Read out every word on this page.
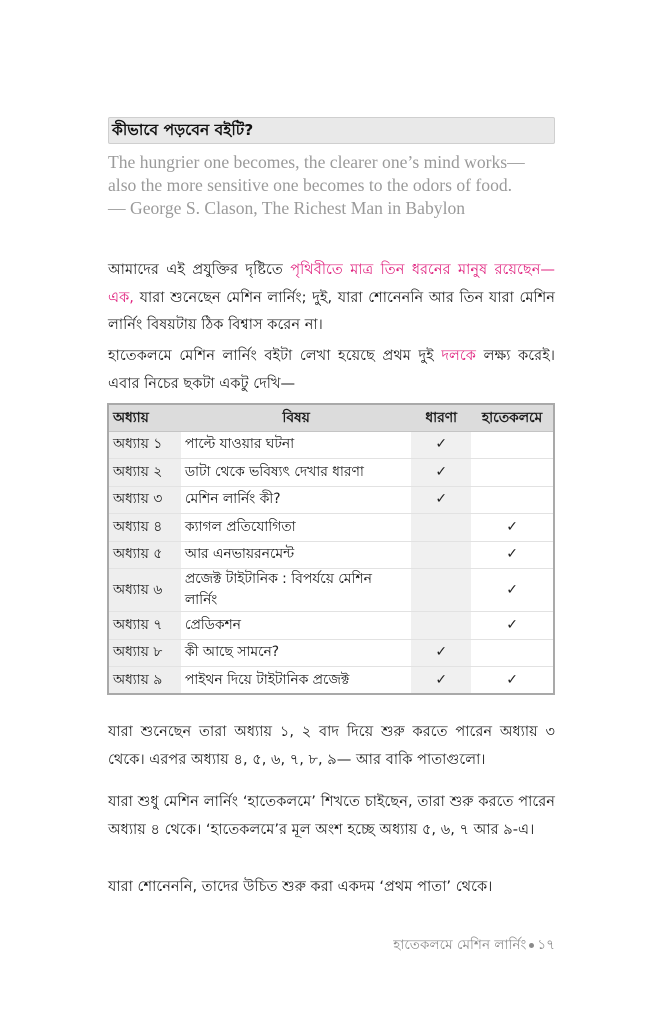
কীভাবে পড়বেন বইটি?
The hungrier one becomes, the clearer one’s mind works—
also the more sensitive one becomes to the odors of food.
— George S. Clason, The Richest Man in Babylon

আমাদের এই প্রযুক্তির দৃষ্টিতে পৃথিবীতে মাত্র তিন ধরনের মানুষ রয়েছেন— এক, যারা শুনেছেন মেশিন লার্নিং; দুই, যারা শোনেননি আর তিন যারা মেশিন লার্নিং বিষয়টায় ঠিক বিশ্বাস করেন না।

হাতেকলমে মেশিন লার্নিং বইটা লেখা হয়েছে প্রথম দুই দলকে লক্ষ্য করেই। এবার নিচের ছকটা একটু দেখি—

অধ্যায়	বিষয়	ধারণা	হাতেকলমে
অধ্যায় ১	পাল্টে যাওয়ার ঘটনা	✓	
অধ্যায় ২	ডাটা থেকে ভবিষ্যৎ দেখার ধারণা	✓	
অধ্যায় ৩	মেশিন লার্নিং কী?	✓	
অধ্যায় ৪	ক্যাগল প্রতিযোগিতা		✓
অধ্যায় ৫	আর এনভায়রনমেন্ট		✓
অধ্যায় ৬	প্রজেক্ট টাইটানিক : বিপর্যয়ে মেশিন লার্নিং		✓
অধ্যায় ৭	প্রেডিকশন		✓
অধ্যায় ৮	কী আছে সামনে?	✓	
অধ্যায় ৯	পাইথন দিয়ে টাইটানিক প্রজেক্ট	✓	✓

যারা শুনেছেন তারা অধ্যায় ১, ২ বাদ দিয়ে শুরু করতে পারেন অধ্যায় ৩ থেকে। এরপর অধ্যায় ৪, ৫, ৬, ৭, ৮, ৯— আর বাকি পাতাগুলো।

যারা শুধু মেশিন লার্নিং ‘হাতেকলমে’ শিখতে চাইছেন, তারা শুরু করতে পারেন অধ্যায় ৪ থেকে। ‘হাতেকলমে’র মূল অংশ হচ্ছে অধ্যায় ৫, ৬, ৭ আর ৯-এ।

যারা শোনেননি, তাদের উচিত শুরু করা একদম ‘প্রথম পাতা’ থেকে।

হাতেকলমে মেশিন লার্নিং ১৭
